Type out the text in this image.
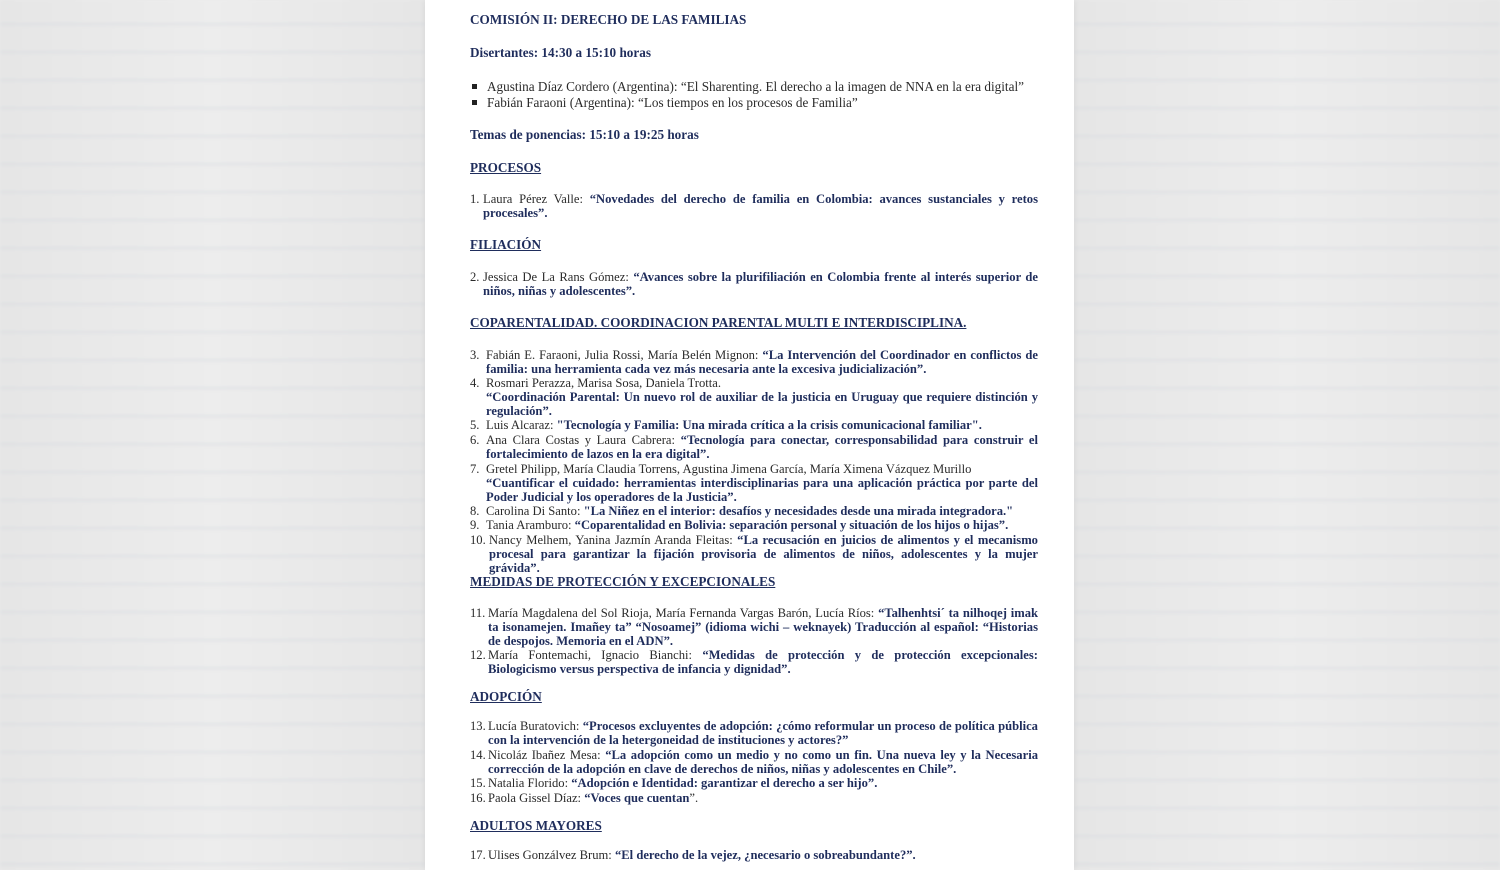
COMISIÓN II: DERECHO DE LAS FAMILIAS
Disertantes: 14:30 a 15:10 horas
Agustina Díaz Cordero (Argentina): “El Sharenting. El derecho a la imagen de NNA en la era digital”
Fabián Faraoni (Argentina): “Los tiempos en los procesos de Familia”
Temas de ponencias: 15:10 a 19:25 horas
PROCESOS
1. Laura Pérez Valle: “Novedades del derecho de familia en Colombia: avances sustanciales y retos procesales”.
FILIACIÓN
2. Jessica De La Rans Gómez: “Avances sobre la plurifiliación en Colombia frente al interés superior de niños, niñas y adolescentes”.
COPARENTALIDAD. COORDINACION PARENTAL MULTI E INTERDISCIPLINA.
3. Fabián E. Faraoni, Julia Rossi, María Belén Mignon: “La Intervención del Coordinador en conflictos de familia: una herramienta cada vez más necesaria ante la excesiva judicialización”.
4. Rosmari Perazza, Marisa Sosa, Daniela Trotta.

“Coordinación Parental: Un nuevo rol de auxiliar de la justicia en Uruguay que requiere distinción y regulación”.
5. Luis Alcaraz: "Tecnología y Familia: Una mirada crítica a la crisis comunicacional familiar".
6. Ana Clara Costas y Laura Cabrera: “Tecnología para conectar, corresponsabilidad para construir el fortalecimiento de lazos en la era digital”.
7. Gretel Philipp, María Claudia Torrens, Agustina Jimena García, María Ximena Vázquez Murillo

“Cuantificar el cuidado: herramientas interdisciplinarias para una aplicación práctica por parte del Poder Judicial y los operadores de la Justicia”.
8. Carolina Di Santo: "La Niñez en el interior: desafíos y necesidades desde una mirada integradora."
9. Tania Aramburo: “Coparentalidad en Bolivia: separación personal y situación de los hijos o hijas”.
10. Nancy Melhem, Yanina Jazmín Aranda Fleitas: “La recusación en juicios de alimentos y el mecanismo procesal para garantizar la fijación provisoria de alimentos de niños, adolescentes y la mujer grávida”.
MEDIDAS DE PROTECCIÓN Y EXCEPCIONALES
11. María Magdalena del Sol Rioja, María Fernanda Vargas Barón, Lucía Ríos: “Talhenhtsi´ ta nilhoqej imak ta isonamejen. Imañey ta” “Nosoamej” (idioma wichi – weknayek) Traducción al español: “Historias de despojos. Memoria en el ADN”.
12. María Fontemachi, Ignacio Bianchi: “Medidas de protección y de protección excepcionales: Biologicismo versus perspectiva de infancia y dignidad”.
ADOPCIÓN
13. Lucía Buratovich: “Procesos excluyentes de adopción: ¿cómo reformular un proceso de política pública con la intervención de la hetergoneidad de instituciones y actores?”
14. Nicoláz Ibañez Mesa: “La adopción como un medio y no como un fin. Una nueva ley y la Necesaria corrección de la adopción en clave de derechos de niños, niñas y adolescentes en Chile”.
15. Natalia Florido: “Adopción e Identidad: garantizar el derecho a ser hijo”.
16. Paola Gissel Díaz: “Voces que cuentan”.
ADULTOS MAYORES
17. Ulises Gonzálvez Brum: “El derecho de la vejez, ¿necesario o sobreabundante?”.
